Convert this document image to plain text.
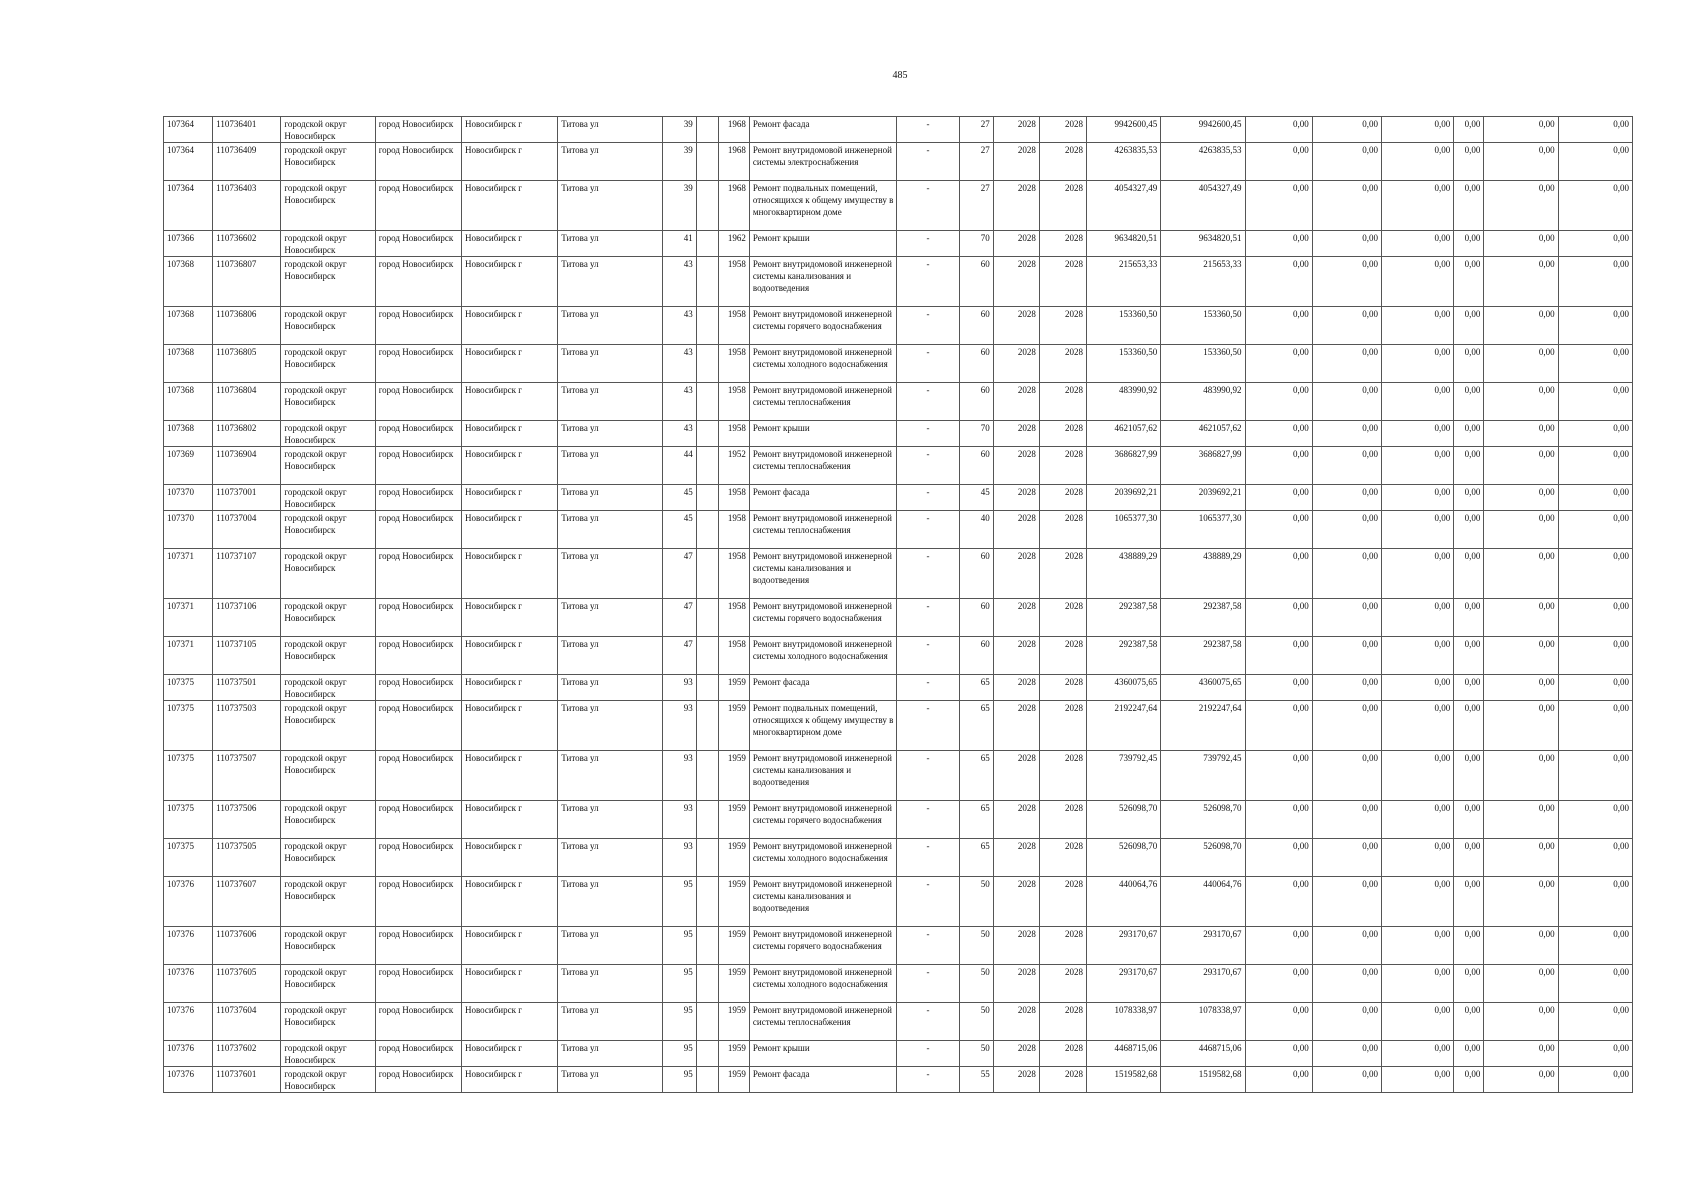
485
107364	110736401	городской округ Новосибирск	город Новосибирск	Новосибирск г	Титова ул	39		1968	Ремонт фасада	-	27	2028	2028	9942600,45	9942600,45	0,00	0,00	0,00	0,00	0,00	0,00
107364	110736409	городской округ Новосибирск	город Новосибирск	Новосибирск г	Титова ул	39		1968	Ремонт внутридомовой инженерной системы электроснабжения	-	27	2028	2028	4263835,53	4263835,53	0,00	0,00	0,00	0,00	0,00	0,00
107364	110736403	городской округ Новосибирск	город Новосибирск	Новосибирск г	Титова ул	39		1968	Ремонт подвальных помещений, относящихся к общему имуществу в многоквартирном доме	-	27	2028	2028	4054327,49	4054327,49	0,00	0,00	0,00	0,00	0,00	0,00
107366	110736602	городской округ Новосибирск	город Новосибирск	Новосибирск г	Титова ул	41		1962	Ремонт крыши	-	70	2028	2028	9634820,51	9634820,51	0,00	0,00	0,00	0,00	0,00	0,00
107368	110736807	городской округ Новосибирск	город Новосибирск	Новосибирск г	Титова ул	43		1958	Ремонт внутридомовой инженерной системы канализования и водоотведения	-	60	2028	2028	215653,33	215653,33	0,00	0,00	0,00	0,00	0,00	0,00
107368	110736806	городской округ Новосибирск	город Новосибирск	Новосибирск г	Титова ул	43		1958	Ремонт внутридомовой инженерной системы горячего водоснабжения	-	60	2028	2028	153360,50	153360,50	0,00	0,00	0,00	0,00	0,00	0,00
107368	110736805	городской округ Новосибирск	город Новосибирск	Новосибирск г	Титова ул	43		1958	Ремонт внутридомовой инженерной системы холодного водоснабжения	-	60	2028	2028	153360,50	153360,50	0,00	0,00	0,00	0,00	0,00	0,00
107368	110736804	городской округ Новосибирск	город Новосибирск	Новосибирск г	Титова ул	43		1958	Ремонт внутридомовой инженерной системы теплоснабжения	-	60	2028	2028	483990,92	483990,92	0,00	0,00	0,00	0,00	0,00	0,00
107368	110736802	городской округ Новосибирск	город Новосибирск	Новосибирск г	Титова ул	43		1958	Ремонт крыши	-	70	2028	2028	4621057,62	4621057,62	0,00	0,00	0,00	0,00	0,00	0,00
107369	110736904	городской округ Новосибирск	город Новосибирск	Новосибирск г	Титова ул	44		1952	Ремонт внутридомовой инженерной системы теплоснабжения	-	60	2028	2028	3686827,99	3686827,99	0,00	0,00	0,00	0,00	0,00	0,00
107370	110737001	городской округ Новосибирск	город Новосибирск	Новосибирск г	Титова ул	45		1958	Ремонт фасада	-	45	2028	2028	2039692,21	2039692,21	0,00	0,00	0,00	0,00	0,00	0,00
107370	110737004	городской округ Новосибирск	город Новосибирск	Новосибирск г	Титова ул	45		1958	Ремонт внутридомовой инженерной системы теплоснабжения	-	40	2028	2028	1065377,30	1065377,30	0,00	0,00	0,00	0,00	0,00	0,00
107371	110737107	городской округ Новосибирск	город Новосибирск	Новосибирск г	Титова ул	47		1958	Ремонт внутридомовой инженерной системы канализования и водоотведения	-	60	2028	2028	438889,29	438889,29	0,00	0,00	0,00	0,00	0,00	0,00
107371	110737106	городской округ Новосибирск	город Новосибирск	Новосибирск г	Титова ул	47		1958	Ремонт внутридомовой инженерной системы горячего водоснабжения	-	60	2028	2028	292387,58	292387,58	0,00	0,00	0,00	0,00	0,00	0,00
107371	110737105	городской округ Новосибирск	город Новосибирск	Новосибирск г	Титова ул	47		1958	Ремонт внутридомовой инженерной системы холодного водоснабжения	-	60	2028	2028	292387,58	292387,58	0,00	0,00	0,00	0,00	0,00	0,00
107375	110737501	городской округ Новосибирск	город Новосибирск	Новосибирск г	Титова ул	93		1959	Ремонт фасада	-	65	2028	2028	4360075,65	4360075,65	0,00	0,00	0,00	0,00	0,00	0,00
107375	110737503	городской округ Новосибирск	город Новосибирск	Новосибирск г	Титова ул	93		1959	Ремонт подвальных помещений, относящихся к общему имуществу в многоквартирном доме	-	65	2028	2028	2192247,64	2192247,64	0,00	0,00	0,00	0,00	0,00	0,00
107375	110737507	городской округ Новосибирск	город Новосибирск	Новосибирск г	Титова ул	93		1959	Ремонт внутридомовой инженерной системы канализования и водоотведения	-	65	2028	2028	739792,45	739792,45	0,00	0,00	0,00	0,00	0,00	0,00
107375	110737506	городской округ Новосибирск	город Новосибирск	Новосибирск г	Титова ул	93		1959	Ремонт внутридомовой инженерной системы горячего водоснабжения	-	65	2028	2028	526098,70	526098,70	0,00	0,00	0,00	0,00	0,00	0,00
107375	110737505	городской округ Новосибирск	город Новосибирск	Новосибирск г	Титова ул	93		1959	Ремонт внутридомовой инженерной системы холодного водоснабжения	-	65	2028	2028	526098,70	526098,70	0,00	0,00	0,00	0,00	0,00	0,00
107376	110737607	городской округ Новосибирск	город Новосибирск	Новосибирск г	Титова ул	95		1959	Ремонт внутридомовой инженерной системы канализования и водоотведения	-	50	2028	2028	440064,76	440064,76	0,00	0,00	0,00	0,00	0,00	0,00
107376	110737606	городской округ Новосибирск	город Новосибирск	Новосибирск г	Титова ул	95		1959	Ремонт внутридомовой инженерной системы горячего водоснабжения	-	50	2028	2028	293170,67	293170,67	0,00	0,00	0,00	0,00	0,00	0,00
107376	110737605	городской округ Новосибирск	город Новосибирск	Новосибирск г	Титова ул	95		1959	Ремонт внутридомовой инженерной системы холодного водоснабжения	-	50	2028	2028	293170,67	293170,67	0,00	0,00	0,00	0,00	0,00	0,00
107376	110737604	городской округ Новосибирск	город Новосибирск	Новосибирск г	Титова ул	95		1959	Ремонт внутридомовой инженерной системы теплоснабжения	-	50	2028	2028	1078338,97	1078338,97	0,00	0,00	0,00	0,00	0,00	0,00
107376	110737602	городской округ Новосибирск	город Новосибирск	Новосибирск г	Титова ул	95		1959	Ремонт крыши	-	50	2028	2028	4468715,06	4468715,06	0,00	0,00	0,00	0,00	0,00	0,00
107376	110737601	городской округ Новосибирск	город Новосибирск	Новосибирск г	Титова ул	95		1959	Ремонт фасада	-	55	2028	2028	1519582,68	1519582,68	0,00	0,00	0,00	0,00	0,00	0,00
